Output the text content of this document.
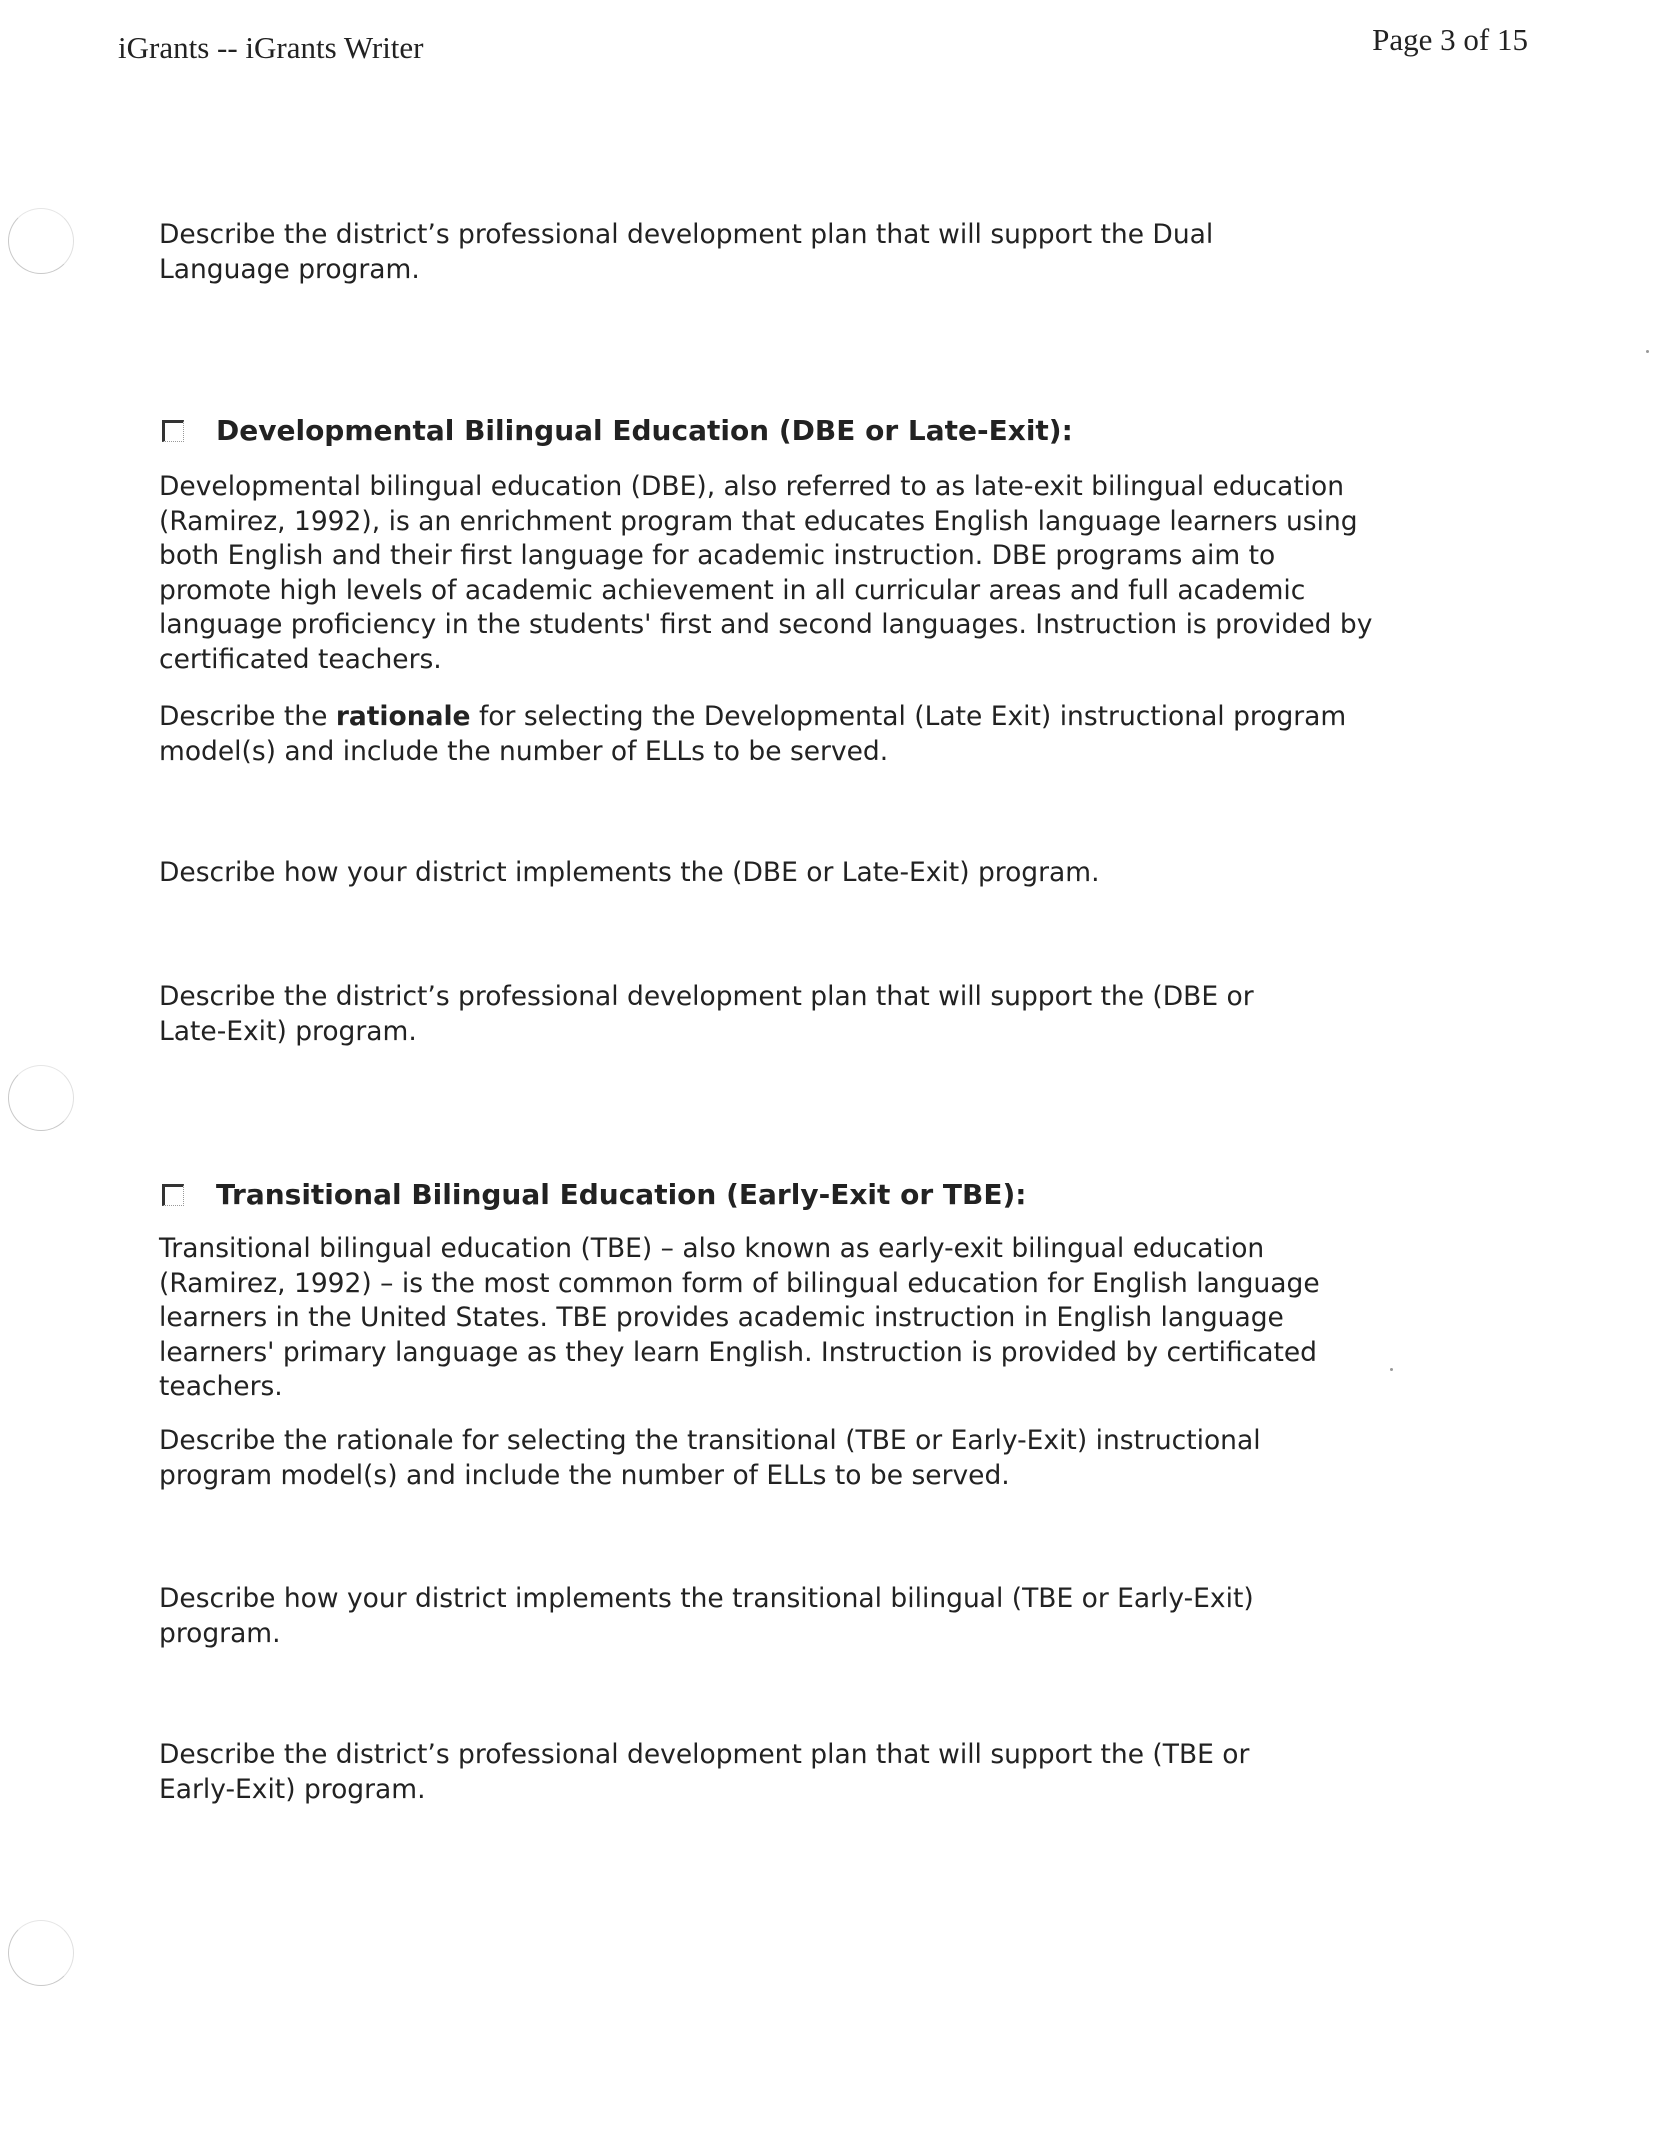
iGrants -- iGrants Writer	Page 3 of 15

Describe the district’s professional development plan that will support the Dual Language program.

Developmental Bilingual Education (DBE or Late-Exit):

Developmental bilingual education (DBE), also referred to as late-exit bilingual education (Ramirez, 1992), is an enrichment program that educates English language learners using both English and their first language for academic instruction. DBE programs aim to promote high levels of academic achievement in all curricular areas and full academic language proficiency in the students' first and second languages. Instruction is provided by certificated teachers.

Describe the rationale for selecting the Developmental (Late Exit) instructional program model(s) and include the number of ELLs to be served.

Describe how your district implements the (DBE or Late-Exit) program.

Describe the district’s professional development plan that will support the (DBE or Late-Exit) program.

Transitional Bilingual Education (Early-Exit or TBE):

Transitional bilingual education (TBE) – also known as early-exit bilingual education (Ramirez, 1992) – is the most common form of bilingual education for English language learners in the United States. TBE provides academic instruction in English language learners' primary language as they learn English. Instruction is provided by certificated teachers.

Describe the rationale for selecting the transitional (TBE or Early-Exit) instructional program model(s) and include the number of ELLs to be served.

Describe how your district implements the transitional bilingual (TBE or Early-Exit) program.

Describe the district’s professional development plan that will support the (TBE or Early-Exit) program.
